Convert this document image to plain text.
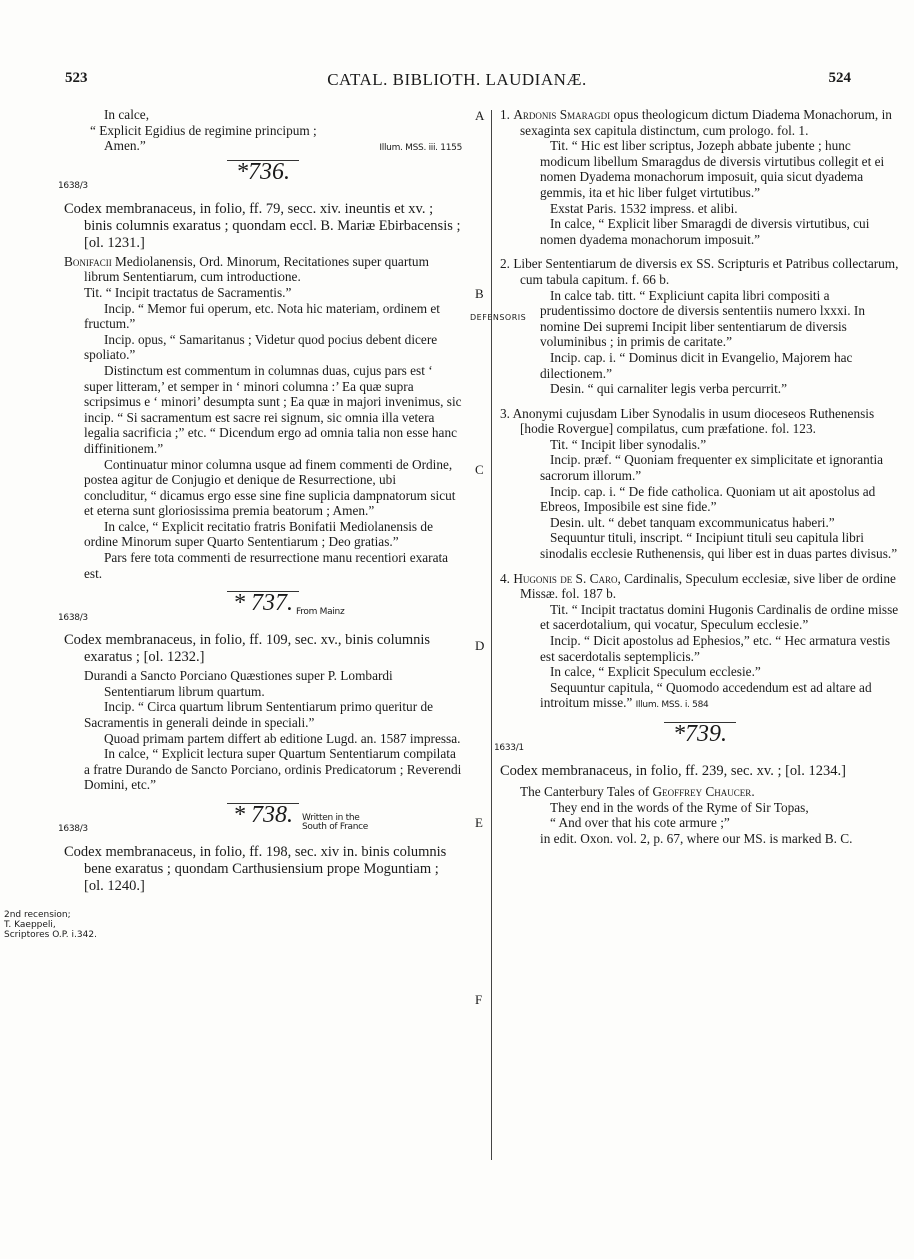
523	CATAL. BIBLIOTH. LAUDIANÆ.	524

In calce,

“ Explicit Egidius de regimine principum ;

Amen.”	Illum. MSS. iii. 1155

1638/3
*736.

Codex membranaceus, in folio, ff. 79, secc. xiv. ineuntis et xv. ; binis columnis exaratus ; quondam eccl. B. Mariæ Ebirbacensis ; [ol. 1231.]

Bonifacii Mediolanensis, Ord. Minorum, Recitationes super quartum librum Sententiarum, cum introductione.

Tit. “ Incipit tractatus de Sacramentis.”

Incip. “ Memor fui operum, etc. Nota hic materiam, ordinem et fructum.”

Incip. opus, “ Samaritanus ; Videtur quod pocius debent dicere spoliato.”

Distinctum est commentum in columnas duas, cujus pars est ‘ super litteram,’ et semper in ‘ minori columna :’ Ea quæ supra scripsimus e ‘ minori’ desumpta sunt ; Ea quæ in majori invenimus, sic incip. “ Si sacramentum est sacre rei signum, sic omnia illa vetera legalia sacrificia ;” etc. “ Dicendum ergo ad omnia talia non esse hanc diffinitionem.”

Continuatur minor columna usque ad finem commenti de Ordine, postea agitur de Conjugio et denique de Resurrectione, ubi concluditur, “ dicamus ergo esse sine fine suplicia dampnatorum sicut et eterna sunt gloriosissima premia beatorum ; Amen.”

In calce, “ Explicit recitatio fratris Bonifatii Mediolanensis de ordine Minorum super Quarto Sententiarum ; Deo gratias.”

Pars fere tota commenti de resurrectione manu recentiori exarata est.

1638/3
* 737. From Mainz

Codex membranaceus, in folio, ff. 109, sec. xv., binis columnis exaratus ; [ol. 1232.]

Durandi a Sancto Porciano Quæstiones super P. Lombardi Sententiarum librum quartum.

Incip. “ Circa quartum librum Sententiarum primo queritur de Sacramentis in generali deinde in speciali.”

Quoad primam partem differt ab editione Lugd. an. 1587 impressa.

In calce, “ Explicit lectura super Quartum Sententiarum compilata a fratre Durando de Sancto Porciano, ordinis Predicatorum ; Reverendi Domini, etc.”

1638/3
* 738.	Written in the
South of France

Codex membranaceus, in folio, ff. 198, sec. xiv in. binis columnis bene exaratus ; quondam Carthusiensium prope Moguntiam ; [ol. 1240.]

2nd recension;
T. Kaeppeli,
Scriptores O.P. i.342.
A
B
C
D
E
F
DEFENSORIS
1. Ardonis Smaragdi opus theologicum dictum Diadema Monachorum, in sexaginta sex capitula distinctum, cum prologo. fol. 1.

Tit. “ Hic est liber scriptus, Jozeph abbate jubente ; hunc modicum libellum Smaragdus de diversis virtutibus collegit et ei nomen Dyadema monachorum imposuit, quia sicut dyadema gemmis, ita et hic liber fulget virtutibus.”

Exstat Paris. 1532 impress. et alibi.

In calce, “ Explicit liber Smaragdi de diversis virtutibus, cui nomen dyadema monachorum imposuit.”

2. Liber Sententiarum de diversis ex SS. Scripturis et Patribus collectarum, cum tabula capitum. f. 66 b.

In calce tab. titt. “ Expliciunt capita libri compositi a prudentissimo doctore de diversis sententiis numero lxxxi. In nomine Dei supremi Incipit liber sententiarum de diversis voluminibus ; in primis de caritate.”

Incip. cap. i. “ Dominus dicit in Evangelio, Majorem hac dilectionem.”

Desin. “ qui carnaliter legis verba percurrit.”

3. Anonymi cujusdam Liber Synodalis in usum dioceseos Ruthenensis [hodie Rovergue] compilatus, cum præfatione. fol. 123.

Tit. “ Incipit liber synodalis.”

Incip. præf. “ Quoniam frequenter ex simplicitate et ignorantia sacrorum illorum.”

Incip. cap. i. “ De fide catholica. Quoniam ut ait apostolus ad Ebreos, Imposibile est sine fide.”

Desin. ult. “ debet tanquam excommunicatus haberi.”

Sequuntur tituli, inscript. “ Incipiunt tituli seu capitula libri sinodalis ecclesie Ruthenensis, qui liber est in duas partes divisus.”

4. Hugonis de S. Caro, Cardinalis, Speculum ecclesiæ, sive liber de ordine Missæ. fol. 187 b.

Tit. “ Incipit tractatus domini Hugonis Cardinalis de ordine misse et sacerdotalium, qui vocatur, Speculum ecclesie.”

Incip. “ Dicit apostolus ad Ephesios,” etc. “ Hec armatura vestis est sacerdotalis septemplicis.”

In calce, “ Explicit Speculum ecclesie.”

Sequuntur capitula, “ Quomodo accedendum est ad altare ad introitum misse.” Illum. MSS. i. 584

1633/1
*739.

Codex membranaceus, in folio, ff. 239, sec. xv. ; [ol. 1234.]

The Canterbury Tales of Geoffrey Chaucer.

They end in the words of the Ryme of Sir Topas,

“ And over that his cote armure ;”

in edit. Oxon. vol. 2, p. 67, where our MS. is marked B. C.
